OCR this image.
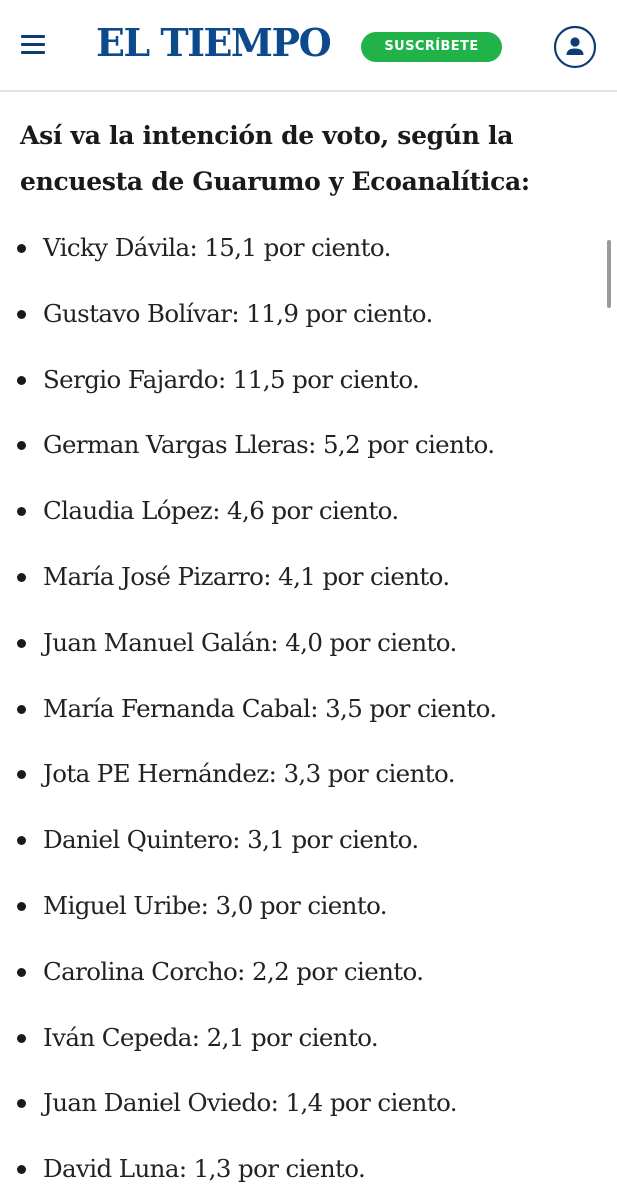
EL TIEMPO	SUSCRÍBETE
Así va la intención de voto, según la encuesta de Guarumo y Ecoanalítica:
Vicky Dávila: 15,1 por ciento.
Gustavo Bolívar: 11,9 por ciento.
Sergio Fajardo: 11,5 por ciento.
German Vargas Lleras: 5,2 por ciento.
Claudia López: 4,6 por ciento.
María José Pizarro: 4,1 por ciento.
Juan Manuel Galán: 4,0 por ciento.
María Fernanda Cabal: 3,5 por ciento.
Jota PE Hernández: 3,3 por ciento.
Daniel Quintero: 3,1 por ciento.
Miguel Uribe: 3,0 por ciento.
Carolina Corcho: 2,2 por ciento.
Iván Cepeda: 2,1 por ciento.
Juan Daniel Oviedo: 1,4 por ciento.
David Luna: 1,3 por ciento.
